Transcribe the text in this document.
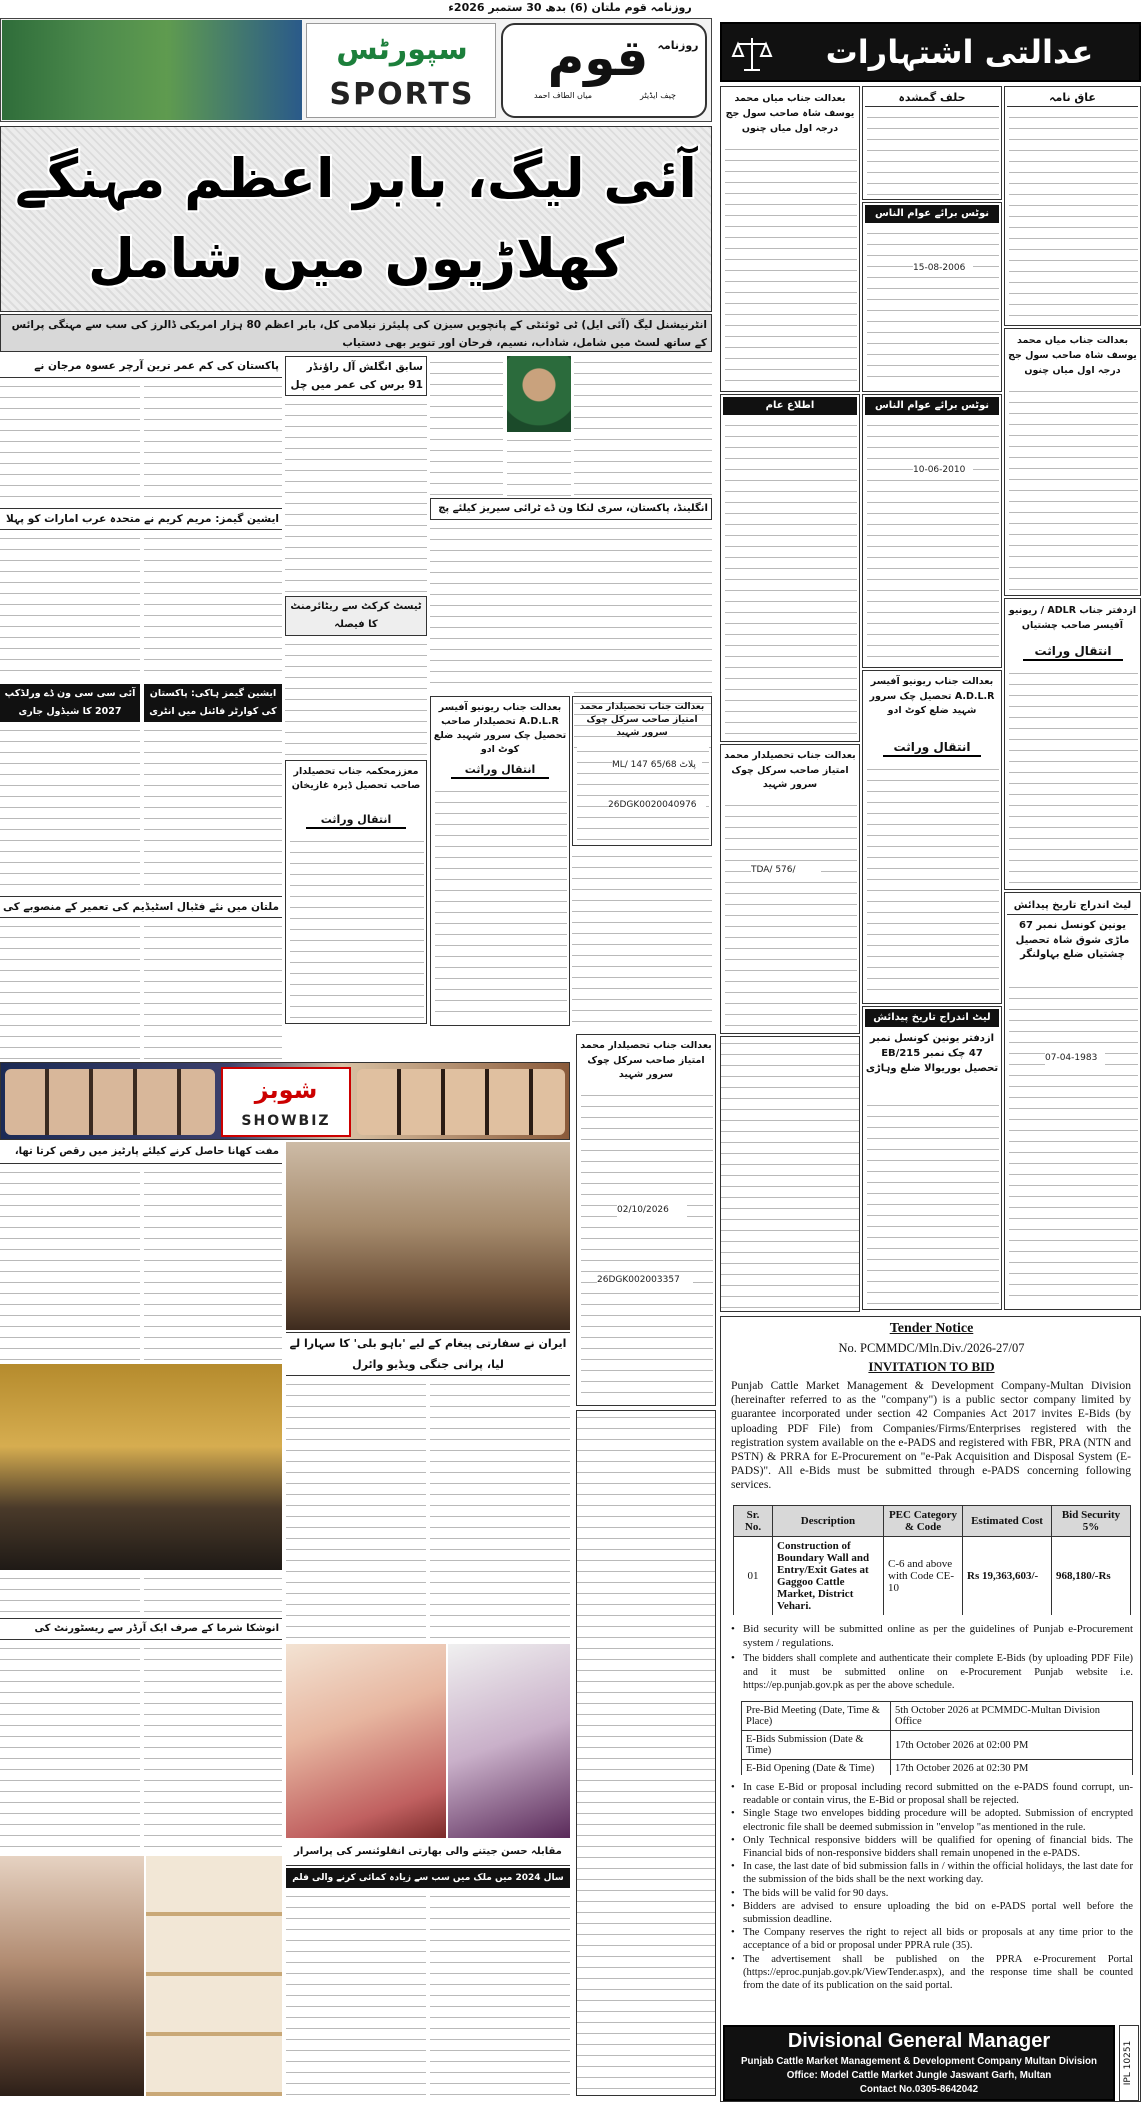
روزنامہ قوم ملتان (6) بدھ 30 ستمبر 2026ء
سپورٹس
SPORTS
قوم روزنامہ
چیف ایڈیٹر
میاں الطاف احمد
آئی لیگ، بابر اعظم مہنگے کھلاڑیوں میں شامل
انٹرنیشنل لیگ (آئی ایل) ٹی ٹوئنٹی کے پانچویں سیزن کی پلیئرز نیلامی کل، بابر اعظم 80 ہزار امریکی ڈالرز کی سب سے مہنگی پرائس کے ساتھ لسٹ میں شامل، شاداب، نسیم، فرحان اور تنویر بھی دستیاب
انگلینڈ، پاکستان، سری لنکا ون ڈے ٹرائی سیریز کیلئے پچ
سابق انگلش آل راؤنڈر 91 برس کی عمر میں چل
پاکستان کی کم عمر ترین آرچر عسوہ مرجان نے
ایشین گیمز: مریم کریم نے متحدہ عرب امارات کو پہلا
ایشین گیمز ہاکی: پاکستان کی کوارٹر فائنل میں انٹری
آئی سی سی ون ڈے ورلڈکپ 2027 کا شیڈول جاری
ٹیسٹ کرکٹ سے ریٹائرمنٹ کا فیصلہ
بعدالت جناب ریونیو آفیسر A.D.L.R تحصیلدار صاحب تحصیل چک سرور شہید ضلع کوٹ ادو
انتقال وراثت
معززمحکمہ جناب تحصیلدار صاحب تحصیل ڈیرہ غازیخان
انتقال وراثت
بعدالت جناب تحصیلدار محمد امتیاز صاحب سرکل چوک سرور شہید
ML/ 147 پلاٹ 65/68
26DGK0020040976
ملتان میں نئے فٹبال اسٹیڈیم کی تعمیر کے منصوبے کی
شوبز
SHOWBIZ
مفت کھانا حاصل کرنے کیلئے پارٹیز میں رقص کرتا تھا،
ایران نے سفارتی پیغام کے لیے 'باہو بلی' کا سہارا لے لیا، پرانی جنگی ویڈیو وائرل
انوشکا شرما کے صرف ایک آرڈر سے ریسٹورنٹ کی
مقابلہ حسن جیتنے والی بھارتی انفلوئنسر کی پراسرار
سال 2024 میں ملک میں سب سے زیادہ کمائی کرنے والی فلم
عدالتی اشتہارات
عاق نامہ
بعدالت جناب میاں محمد یوسف شاہ صاحب سول جج درجہ اول میاں چنوں
ازدفتر جناب ADLR / ریونیو آفیسر صاحب چشتیاں
انتقال وراثت
لیٹ اندراج تاریخ پیدائش
یونین کونسل نمبر 67 ماڑی شوق شاہ تحصیل چشتیاں ضلع بہاولنگر
07-04-1983
حلف گمشدہ
نوٹس برائے عوام الناس
15-08-2006
نوٹس برائے عوام الناس
10-06-2010
بعدالت جناب ریونیو آفیسر A.D.L.R تحصیل چک سرور شہید ضلع کوٹ ادو
انتقال وراثت
لیٹ اندراج تاریخ پیدائش
ازدفتر یونین کونسل نمبر 47 چک نمبر 215/EB تحصیل بوریوالا ضلع وہاڑی
بعدالت جناب میاں محمد یوسف شاہ صاحب سول جج درجہ اول میاں چنوں
اطلاع عام
بعدالت جناب تحصیلدار محمد امتیاز صاحب سرکل چوک سرور شہید
TDA/ 576/
بعدالت جناب تحصیلدار محمد امتیاز صاحب سرکل چوک سرور شہید
26DGK002003357
02/10/2026
Tender Notice
No. PCMMDC/Mln.Div./2026-27/07
INVITATION TO BID
Punjab Cattle Market Management & Development Company-Multan Division (hereinafter referred to as the "company") is a public sector company limited by guarantee incorporated under section 42 Companies Act 2017 invites E-Bids (by uploading PDF File) from Companies/Firms/Enterprises registered with the registration system available on the e-PADS and registered with FBR, PRA (NTN and PSTN) & PRRA for E-Procurement on "e-Pak Acquisition and Disposal System (E-PADS)". All e-Bids must be submitted through e-PADS concerning following services.
Sr. No.	Description	PEC Category & Code	Estimated Cost	Bid Security 5%
01	Construction of Boundary Wall and Entry/Exit Gates at Gaggoo Cattle Market, District Vehari.	C-6 and above with Code CE-10	Rs 19,363,603/-	968,180/-Rs
• Bid security will be submitted online as per the guidelines of Punjab e-Procurement system / regulations.
• The bidders shall complete and authenticate their complete E-Bids (by uploading PDF File) and it must be submitted online on e-Procurement Punjab website i.e. https://ep.punjab.gov.pk as per the above schedule.
Pre-Bid Meeting (Date, Time & Place)	5th October 2026 at PCMMDC-Multan Division Office
E-Bids Submission (Date & Time)	17th October 2026 at 02:00 PM
E-Bid Opening (Date & Time)	17th October 2026 at 02:30 PM
• In case E-Bid or proposal including record submitted on the e-PADS found corrupt, un-readable or contain virus, the E-Bid or proposal shall be rejected.
• Single Stage two envelopes bidding procedure will be adopted. Submission of encrypted electronic file shall be deemed submission in "envelop "as mentioned in the rule.
• Only Technical responsive bidders will be qualified for opening of financial bids. The Financial bids of non-responsive bidders shall remain unopened in the e-PADS.
• In case, the last date of bid submission falls in / within the official holidays, the last date for the submission of the bids shall be the next working day.
• The bids will be valid for 90 days.
• Bidders are advised to ensure uploading the bid on e-PADS portal well before the submission deadline.
• The Company reserves the right to reject all bids or proposals at any time prior to the acceptance of a bid or proposal under PPRA rule (35).
• The advertisement shall be published on the PPRA e-Procurement Portal (https://eproc.punjab.gov.pk/ViewTender.aspx), and the response time shall be counted from the date of its publication on the said portal.
Divisional General Manager
Punjab Cattle Market Management & Development Company Multan Division
Office: Model Cattle Market Jungle Jaswant Garh, Multan
Contact No.0305-8642042
IPL 10251
